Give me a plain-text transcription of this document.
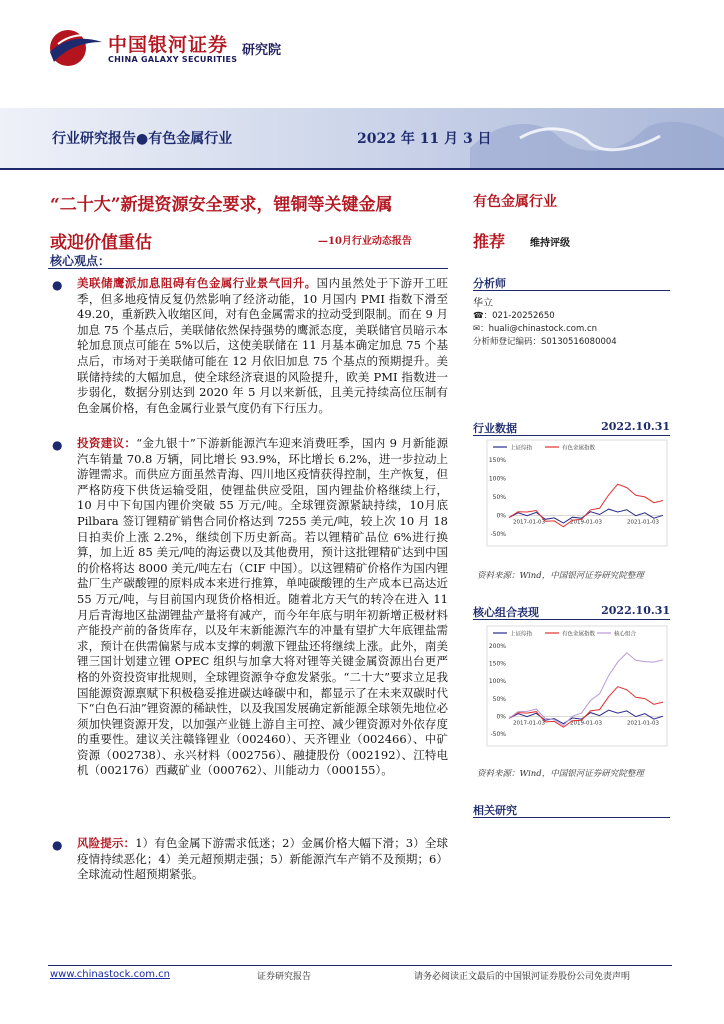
中国银河证券
CHINA GALAXY SECURITIES
研究院
行业研究报告●有色金属行业	2022 年 11 月 3 日
“二十大”新提资源安全要求，锂铜等关键金属
或迎价值重估	—10月行业动态报告
核心观点：
● 美联储鹰派加息阻碍有色金属行业景气回升。国内虽然处于下游开工旺季，但多地疫情反复仍然影响了经济动能，10 月国内 PMI 指数下滑至 49.20，重新跌入收缩区间，对有色金属需求的拉动受到限制。而在 9 月加息 75 个基点后，美联储依然保持强势的鹰派态度，美联储官员暗示本轮加息顶点可能在 5%以后，这使美联储在 11 月基本确定加息 75 个基点后，市场对于美联储可能在 12 月依旧加息 75 个基点的预期提升。美联储持续的大幅加息，使全球经济衰退的风险提升，欧美 PMI 指数进一步弱化，数据分别达到 2020 年 5 月以来新低，且美元持续高位压制有色金属价格，有色金属行业景气度仍有下行压力。
● 投资建议：“金九银十”下游新能源汽车迎来消费旺季，国内 9 月新能源汽车销量 70.8 万辆，同比增长 93.9%，环比增长 6.2%，进一步拉动上游锂需求。而供应方面虽然青海、四川地区疫情获得控制，生产恢复，但严格防疫下供货运输受阻，使锂盐供应受阻，国内锂盐价格继续上行，10 月中下旬国内锂价突破 55 万元/吨。全球锂资源紧缺持续，10月底Pilbara 签订锂精矿销售合同价格达到 7255 美元/吨，较上次 10 月 18 日拍卖价上涨 2.2%，继续创下历史新高。若以锂精矿品位 6%进行换算，加上近 85 美元/吨的海运费以及其他费用，预计这批锂精矿达到中国的价格将达 8000 美元/吨左右（CIF 中国）。以这锂精矿价格作为国内锂盐厂生产碳酸锂的原料成本来进行推算，单吨碳酸锂的生产成本已高达近 55 万元/吨，与目前国内现货价格相近。随着北方天气的转冷在进入 11 月后青海地区盐湖锂盐产量将有减产，而今年年底与明年初新增正极材料产能投产前的备货库存，以及年末新能源汽车的冲量有望扩大年底锂盐需求，预计在供需偏紧与成本支撑的刺激下锂盐还将继续上涨。此外，南美锂三国计划建立锂 OPEC 组织与加拿大将对锂等关键金属资源出台更严格的外资投资审批规则，全球锂资源争夺愈发紧张。“二十大”要求立足我国能源资源禀赋下积极稳妥推进碳达峰碳中和，都显示了在未来双碳时代下“白色石油”锂资源的稀缺性，以及我国发展确定新能源全球领先地位必须加快锂资源开发，以加强产业链上游自主可控、减少锂资源对外依存度的重要性。建议关注赣锋锂业（002460）、天齐锂业（002466）、中矿资源（002738）、永兴材料（002756）、融捷股份（002192）、江特电机（002176）西藏矿业（000762）、川能动力（000155）。
● 风险提示：1）有色金属下游需求低迷；2）金属价格大幅下滑；3）全球疫情持续恶化；4）美元超预期走强；5）新能源汽车产销不及预期；6）全球流动性超预期紧张。
有色金属行业
推荐 维持评级
分析师
华立
☎：021-20252650
✉：huali@chinastock.com.cn
分析师登记编码：S0130516080004
行业数据	2022.10.31
上证综指	有色金属指数
150%
100%
50%
0%
-50%
2017-01-03	2019-01-03	2021-01-03
资料来源：Wind，中国银河证券研究院整理
核心组合表现	2022.10.31
上证综指	有色金属指数	核心组合
200%
150%
100%
50%
0%
-50%
2017-01-03	2019-01-03	2021-01-03
资料来源：Wind，中国银河证券研究院整理
相关研究
www.chinastock.com.cn	证券研究报告	请务必阅读正文最后的中国银河证券股份公司免责声明
